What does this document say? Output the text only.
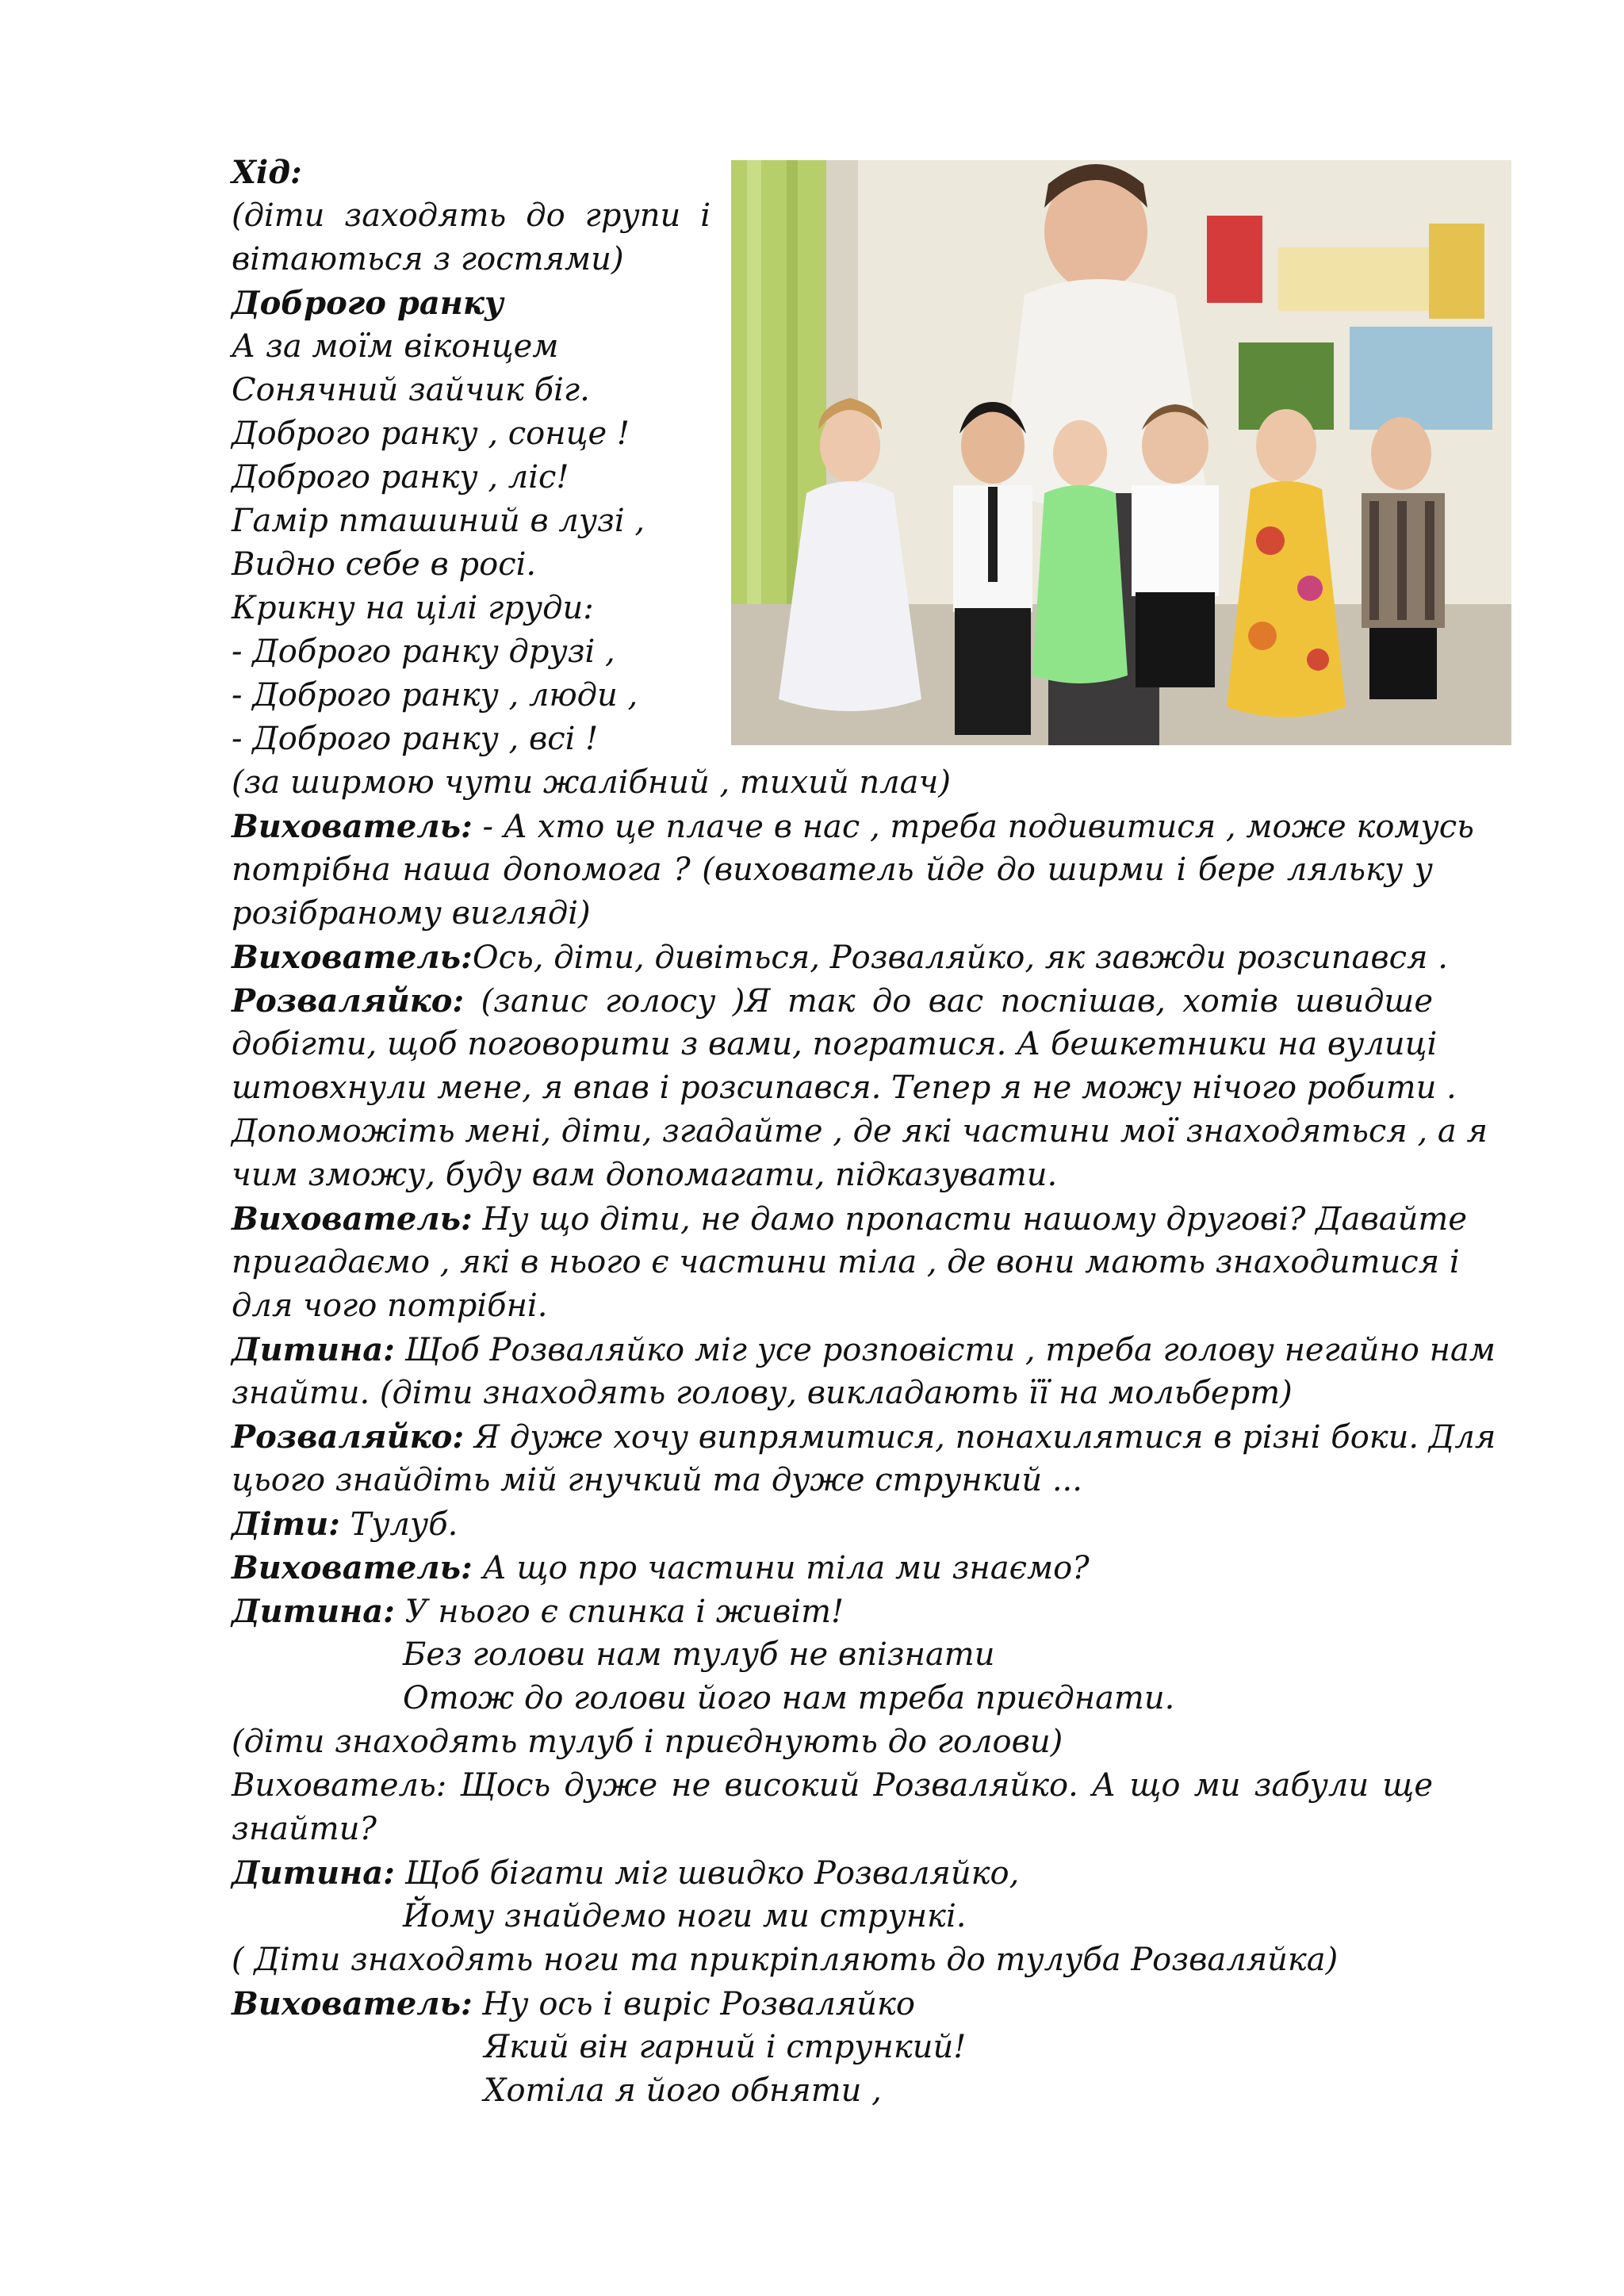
Хід:
(діти заходять до групи і
вітаються з гостями)
Доброго ранку
А за моїм віконцем
Сонячний зайчик біг.
Доброго ранку , сонце !
Доброго ранку , ліс!
Гамір пташиний в лузі ,
Видно себе в росі.
Крикну на цілі груди:
- Доброго ранку друзі ,
- Доброго ранку , люди ,
- Доброго ранку , всі !
(за ширмою чути жалібний , тихий плач)
Вихователь: - А хто це плаче в нас , треба подивитися , може комусь
потрібна наша допомога ? (вихователь йде до ширми і бере ляльку у
розібраному вигляді)
Вихователь:Ось, діти, дивіться, Розваляйко, як завжди розсипався .
Розваляйко: (запис голосу )Я так до вас поспішав, хотів швидше
добігти, щоб поговорити з вами, погратися. А бешкетники на вулиці
штовхнули мене, я впав і розсипався. Тепер я не можу нічого робити .
Допоможіть мені, діти, згадайте , де які частини мої знаходяться , а я
чим зможу, буду вам допомагати, підказувати.
Вихователь: Ну що діти, не дамо пропасти нашому другові? Давайте
пригадаємо , які в нього є частини тіла , де вони мають знаходитися і
для чого потрібні.
Дитина: Щоб Розваляйко міг усе розповісти , треба голову негайно нам
знайти. (діти знаходять голову, викладають її на мольберт)
Розваляйко: Я дуже хочу випрямитися, понахилятися в різні боки. Для
цього знайдіть мій гнучкий та дуже стрункий ...
Діти: Тулуб.
Вихователь: А що про частини тіла ми знаємо?
Дитина: У нього є спинка і живіт!
Без голови нам тулуб не впізнати
Отож до голови його нам треба приєднати.
(діти знаходять тулуб і приєднують до голови)
Вихователь: Щось дуже не високий Розваляйко. А що ми забули ще
знайти?
Дитина: Щоб бігати міг швидко Розваляйко,
Йому знайдемо ноги ми стрункі.
( Діти знаходять ноги та прикріпляють до тулуба Розваляйка)
Вихователь: Ну ось і виріс Розваляйко
Який він гарний і стрункий!
Хотіла я його обняти ,
